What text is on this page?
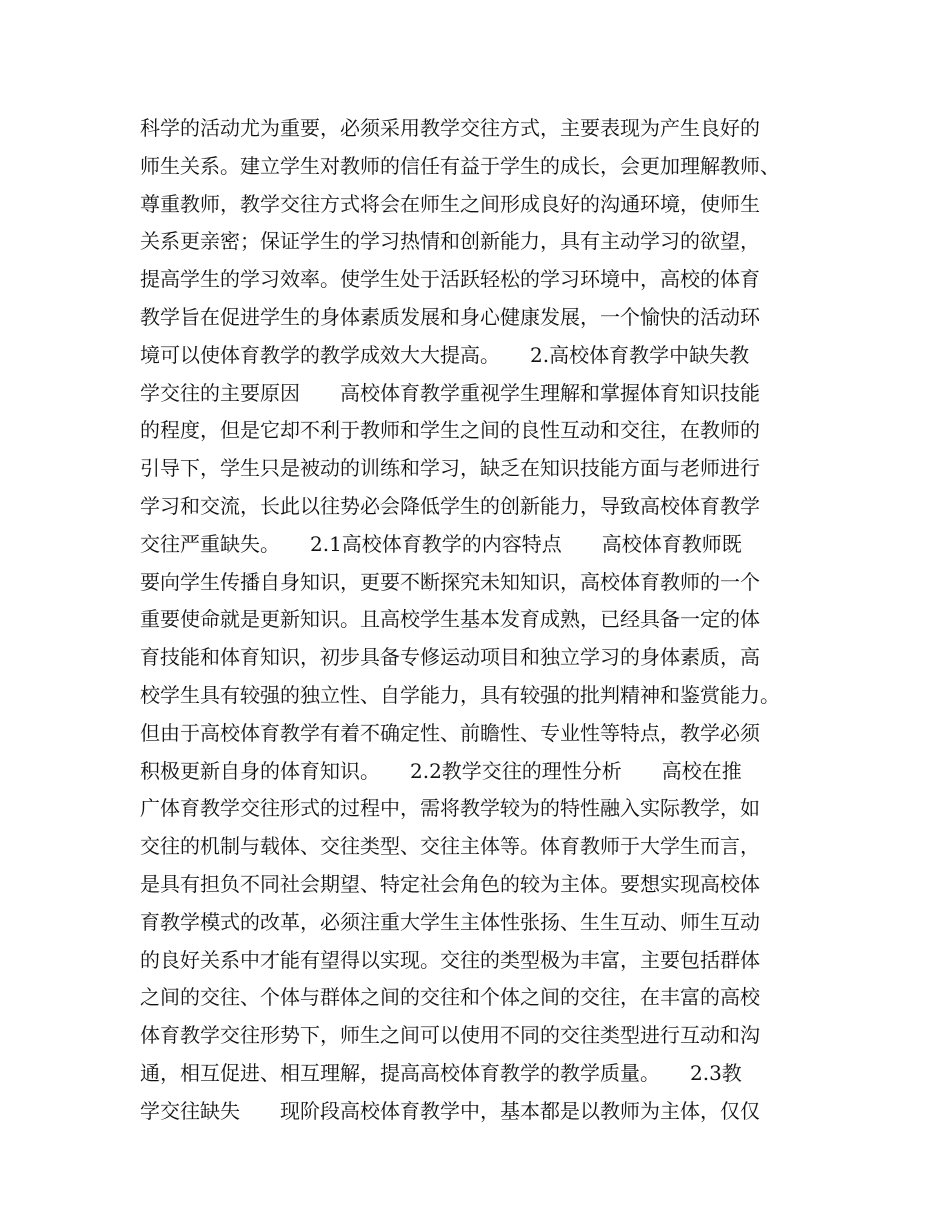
科学的活动尤为重要，必须采用教学交往方式，主要表现为产生良好的
师生关系。建立学生对教师的信任有益于学生的成长，会更加理解教师、
尊重教师，教学交往方式将会在师生之间形成良好的沟通环境，使师生
关系更亲密；保证学生的学习热情和创新能力，具有主动学习的欲望，
提高学生的学习效率。使学生处于活跃轻松的学习环境中，高校的体育
教学旨在促进学生的身体素质发展和身心健康发展，一个愉快的活动环
境可以使体育教学的教学成效大大提高。　　2.高校体育教学中缺失教
学交往的主要原因　　高校体育教学重视学生理解和掌握体育知识技能
的程度，但是它却不利于教师和学生之间的良性互动和交往，在教师的
引导下，学生只是被动的训练和学习，缺乏在知识技能方面与老师进行
学习和交流，长此以往势必会降低学生的创新能力，导致高校体育教学
交往严重缺失。　　2.1高校体育教学的内容特点　　高校体育教师既
要向学生传播自身知识，更要不断探究未知知识，高校体育教师的一个
重要使命就是更新知识。且高校学生基本发育成熟，已经具备一定的体
育技能和体育知识，初步具备专修运动项目和独立学习的身体素质，高
校学生具有较强的独立性、自学能力，具有较强的批判精神和鉴赏能力。
但由于高校体育教学有着不确定性、前瞻性、专业性等特点，教学必须
积极更新自身的体育知识。　　2.2教学交往的理性分析　　高校在推
广体育教学交往形式的过程中，需将教学较为的特性融入实际教学，如
交往的机制与载体、交往类型、交往主体等。体育教师于大学生而言，
是具有担负不同社会期望、特定社会角色的较为主体。要想实现高校体
育教学模式的改革，必须注重大学生主体性张扬、生生互动、师生互动
的良好关系中才能有望得以实现。交往的类型极为丰富，主要包括群体
之间的交往、个体与群体之间的交往和个体之间的交往，在丰富的高校
体育教学交往形势下，师生之间可以使用不同的交往类型进行互动和沟
通，相互促进、相互理解，提高高校体育教学的教学质量。　　2.3教
学交往缺失　　现阶段高校体育教学中，基本都是以教师为主体，仅仅
